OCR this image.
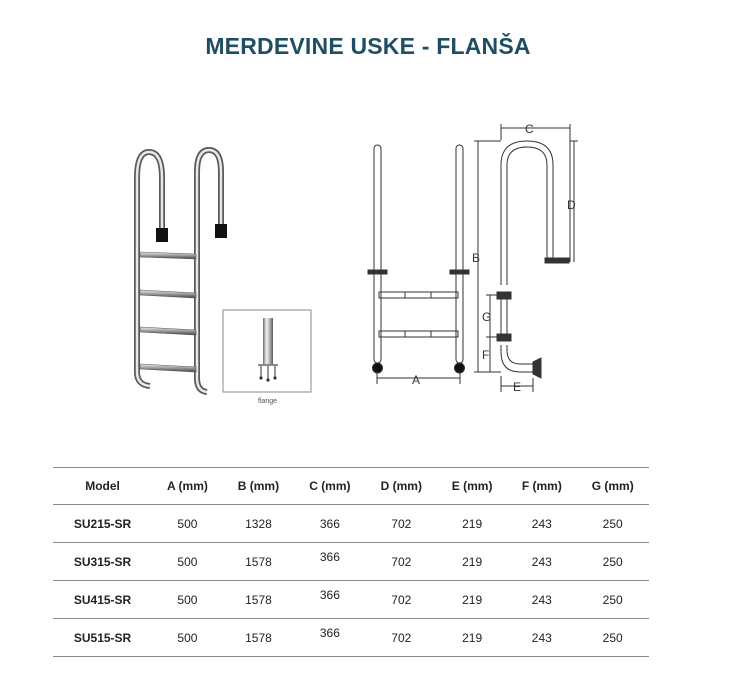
MERDEVINE USKE - FLANŠA
A
B
C
D
G
F
E
flange
Model	A (mm)	B (mm)	C (mm)	D (mm)	E (mm)	F (mm)	G (mm)
SU215-SR	500	1328	366	702	219	243	250
SU315-SR	500	1578	366	702	219	243	250
SU415-SR	500	1578	366	702	219	243	250
SU515-SR	500	1578	366	702	219	243	250
